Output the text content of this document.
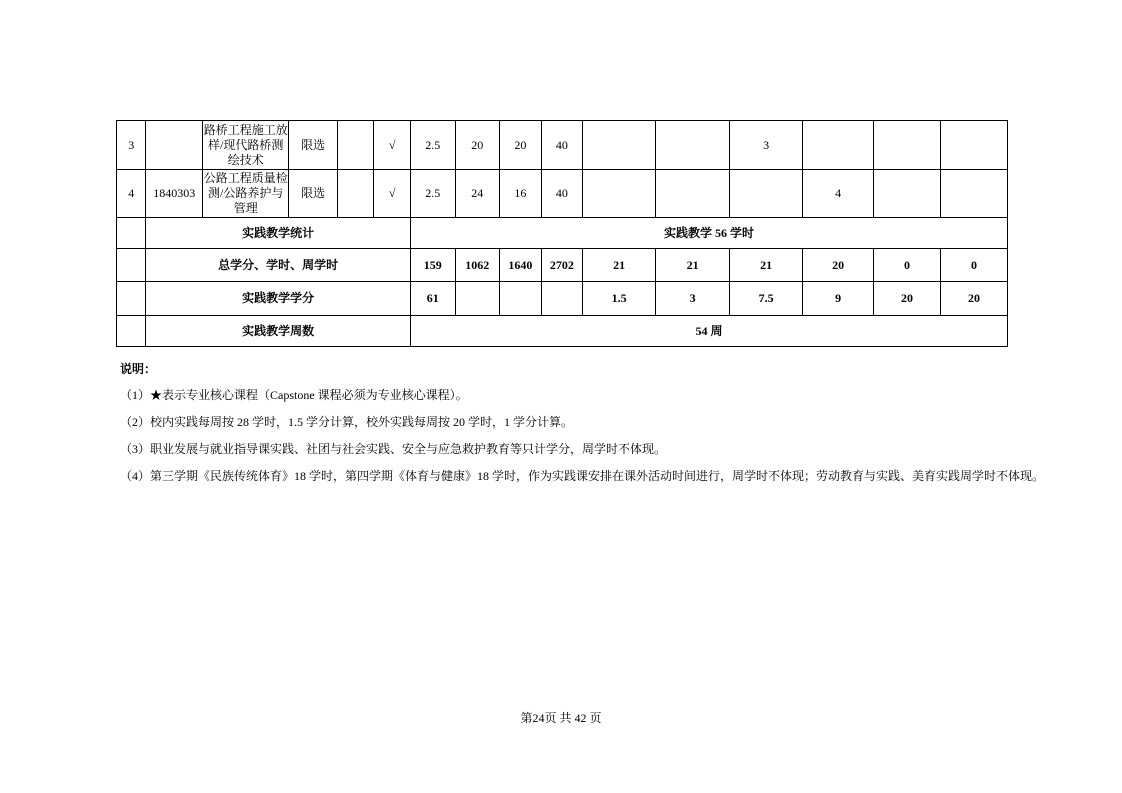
3		路桥工程施工放样/现代路桥测绘技术	限选		√	2.5	20	20	40			3			
4	1840303	公路工程质量检测/公路养护与管理	限选		√	2.5	24	16	40				4		
	实践教学统计					实践教学 56 学时									
	总学分、学时、周学时					159	1062	1640	2702	21	21	21	20	0	0
	实践教学学分					61				1.5	3	7.5	9	20	20
	实践教学周数					54 周									
说明：
（1）★表示专业核心课程（Capstone 课程必须为专业核心课程）。
（2）校内实践每周按 28 学时，1.5 学分计算，校外实践每周按 20 学时，1 学分计算。
（3）职业发展与就业指导课实践、社团与社会实践、安全与应急救护教育等只计学分，周学时不体现。
（4）第三学期《民族传统体育》18 学时，第四学期《体育与健康》18 学时，作为实践课安排在课外活动时间进行，周学时不体现；劳动教育与实践、美育实践周学时不体现。
第24页 共 42 页
